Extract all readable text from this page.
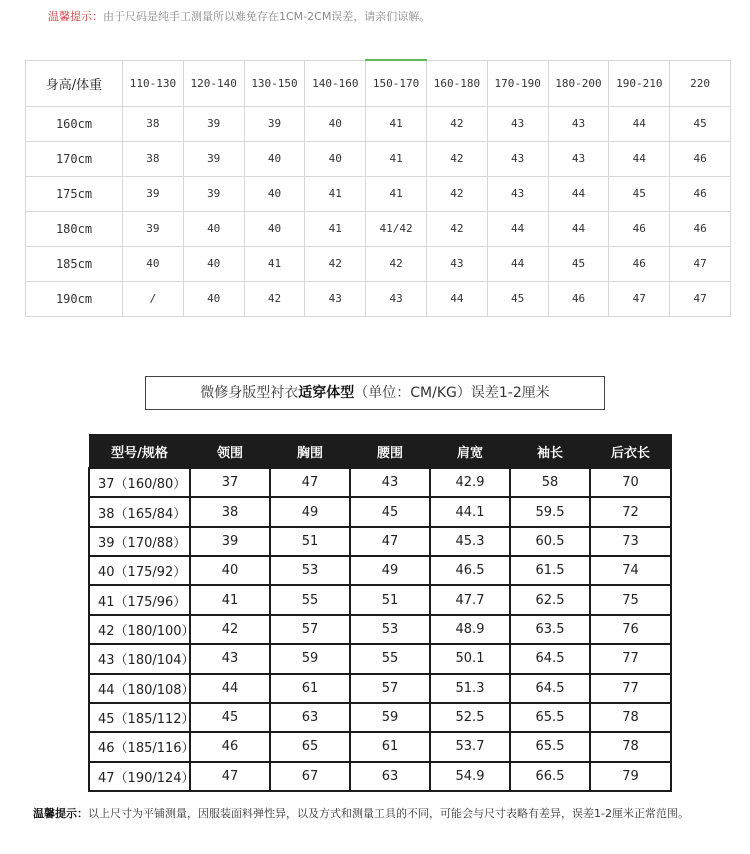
温馨提示：由于尺码是纯手工测量所以难免存在1CM-2CM误差，请亲们谅解。
身高/体重	110-130	120-140	130-150	140-160	150-170	160-180	170-190	180-200	190-210	220
160cm	38	39	39	40	41	42	43	43	44	45
170cm	38	39	40	40	41	42	43	43	44	46
175cm	39	39	40	41	41	42	43	44	45	46
180cm	39	40	40	41	41/42	42	44	44	46	46
185cm	40	40	41	42	42	43	44	45	46	47
190cm	/	40	42	43	43	44	45	46	47	47
微修身版型衬衣适穿体型（单位：CM/KG）误差1-2厘米
型号/规格	领围	胸围	腰围	肩宽	袖长	后衣长
37（160/80）	37	47	43	42.9	58	70
38（165/84）	38	49	45	44.1	59.5	72
39（170/88）	39	51	47	45.3	60.5	73
40（175/92）	40	53	49	46.5	61.5	74
41（175/96）	41	55	51	47.7	62.5	75
42（180/100）	42	57	53	48.9	63.5	76
43（180/104）	43	59	55	50.1	64.5	77
44（180/108）	44	61	57	51.3	64.5	77
45（185/112）	45	63	59	52.5	65.5	78
46（185/116）	46	65	61	53.7	65.5	78
47（190/124）	47	67	63	54.9	66.5	79
温馨提示：以上尺寸为平铺测量，因服装面料弹性异，以及方式和测量工具的不同，可能会与尺寸表略有差异，误差1-2厘米正常范围。
